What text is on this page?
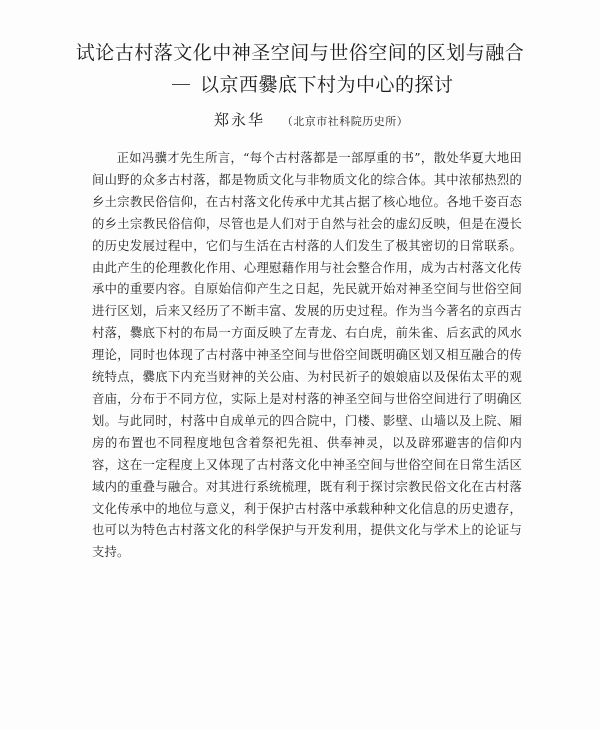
试论古村落文化中神圣空间与世俗空间的区划与融合
以京西爨底下村为中心的探讨
郑永华 （北京市社科院历史所）

正如冯骥才先生所言，“每个古村落都是一部厚重的书”，散处华夏大地田间山野的众多古村落，都是物质文化与非物质文化的综合体。其中浓郁热烈的乡土宗教民俗信仰，在古村落文化传承中尤其占据了核心地位。各地千姿百态的乡土宗教民俗信仰，尽管也是人们对于自然与社会的虚幻反映，但是在漫长的历史发展过程中，它们与生活在古村落的人们发生了极其密切的日常联系。由此产生的伦理教化作用、心理慰藉作用与社会整合作用，成为古村落文化传承中的重要内容。自原始信仰产生之日起，先民就开始对神圣空间与世俗空间进行区划，后来又经历了不断丰富、发展的历史过程。作为当今著名的京西古村落，爨底下村的布局一方面反映了左青龙、右白虎，前朱雀、后玄武的风水理论，同时也体现了古村落中神圣空间与世俗空间既明确区划又相互融合的传统特点，爨底下内充当财神的关公庙、为村民祈子的娘娘庙以及保佑太平的观音庙，分布于不同方位，实际上是对村落的神圣空间与世俗空间进行了明确区划。与此同时，村落中自成单元的四合院中，门楼、影壁、山墙以及上院、厢房的布置也不同程度地包含着祭祀先祖、供奉神灵，以及辟邪避害的信仰内容，这在一定程度上又体现了古村落文化中神圣空间与世俗空间在日常生活区域内的重叠与融合。对其进行系统梳理，既有利于探讨宗教民俗文化在古村落文化传承中的地位与意义，利于保护古村落中承载种种文化信息的历史遗存，也可以为特色古村落文化的科学保护与开发利用，提供文化与学术上的论证与支持。
